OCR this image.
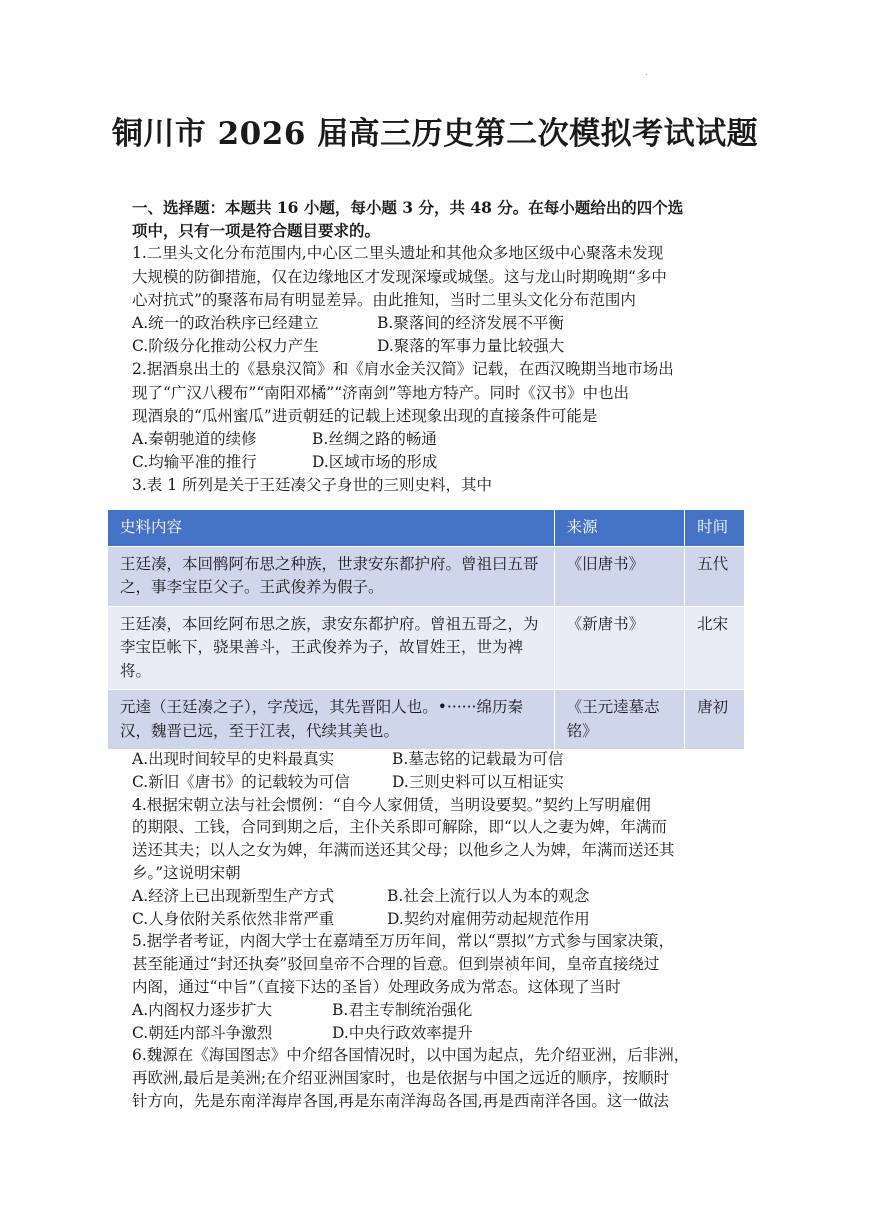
铜川市 2026 届高三历史第二次模拟考试试题

一、选择题：本题共 16 小题，每小题 3 分，共 48 分。在每小题给出的四个选

项中，只有一项是符合题目要求的。

1.二里头文化分布范围内,中心区二里头遗址和其他众多地区级中心聚落未发现

大规模的防御措施，仅在边缘地区才发现深壕或城堡。这与龙山时期晚期“多中

心对抗式”的聚落布局有明显差异。由此推知，当时二里头文化分布范围内

A.统一的政治秩序已经建立	B.聚落间的经济发展不平衡
C.阶级分化推动公权力产生	D.聚落的军事力量比较强大

2.据酒泉出土的《悬泉汉简》和《肩水金关汉简》记载，在西汉晚期当地市场出

现了“广汉八稷布”“南阳邓橘”“济南剑”等地方特产。同时《汉书》中也出

现酒泉的“瓜州蜜瓜”进贡朝廷的记载上述现象出现的直接条件可能是

A.秦朝驰道的续修	B.丝绸之路的畅通
C.均输平准的推行	D.区域市场的形成

3.表 1 所列是关于王廷凑父子身世的三则史料，其中

史料内容	来源	时间
王廷凑，本回鹘阿布思之种族，世隶安东都护府。曾祖曰五哥之，事李宝臣父子。王武俊养为假子。	《旧唐书》	五代
王廷凑，本回纥阿布思之族，隶安东都护府。曾祖五哥之，为李宝臣帐下，骁果善斗，王武俊养为子，故冒姓王，世为裨将。	《新唐书》	北宋
元逵（王廷凑之子），字茂远，其先晋阳人也。•······绵历秦汉，魏晋已远，至于江表，代续其美也。	《王元逵墓志铭》	唐初
A.出现时间较早的史料最真实	B.墓志铭的记载最为可信
C.新旧《唐书》的记载较为可信	D.三则史料可以互相证实

4.根据宋朝立法与社会惯例：“自今人家佣赁，当明设要契。”契约上写明雇佣

的期限、工钱，合同到期之后，主仆关系即可解除，即“以人之妻为婢，年满而

送还其夫；以人之女为婢，年满而送还其父母；以他乡之人为婢，年满而送还其

乡。”这说明宋朝

A.经济上已出现新型生产方式	B.社会上流行以人为本的观念
C.人身依附关系依然非常严重	D.契约对雇佣劳动起规范作用

5.据学者考证，内阁大学士在嘉靖至万历年间，常以“票拟”方式参与国家决策，

甚至能通过“封还执奏”驳回皇帝不合理的旨意。但到崇祯年间，皇帝直接绕过

内阁，通过“中旨”（直接下达的圣旨）处理政务成为常态。这体现了当时

A.内阁权力逐步扩大	B.君主专制统治强化
C.朝廷内部斗争激烈	D.中央行政效率提升

6.魏源在《海国图志》中介绍各国情况时，以中国为起点，先介绍亚洲，后非洲，

再欧洲,最后是美洲;在介绍亚洲国家时，也是依据与中国之远近的顺序，按顺时

针方向，先是东南洋海岸各国,再是东南洋海岛各国,再是西南洋各国。这一做法
